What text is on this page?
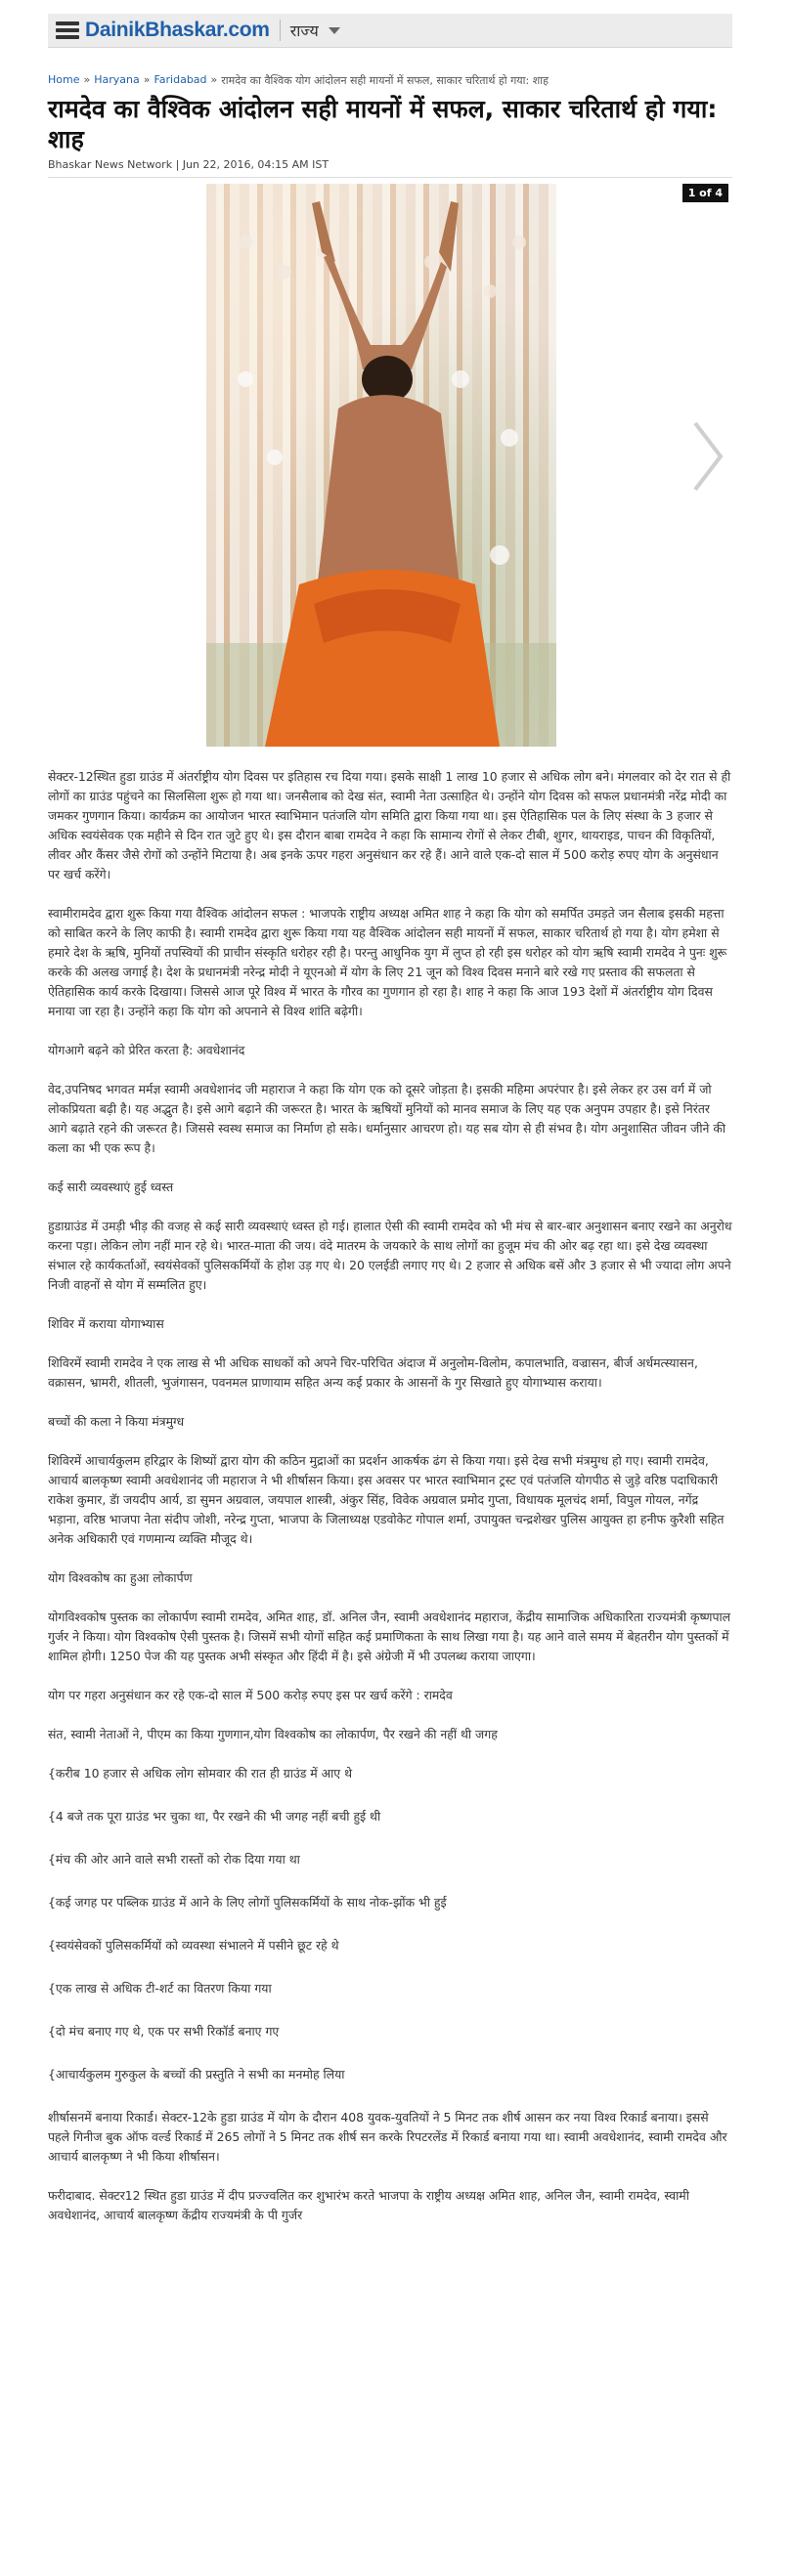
DainikBhaskar.com राज्य
Home » Haryana » Faridabad » रामदेव का वैश्विक योग आंदोलन सही मायनों में सफल, साकार चरितार्थ हो गया: शाह
रामदेव का वैश्विक आंदोलन सही मायनों में सफल, साकार चरितार्थ हो गया: शाह
Bhaskar News Network | Jun 22, 2016, 04:15 AM IST
1 of 4

सेक्टर-12स्थित हुडा ग्राउंड में अंतर्राष्ट्रीय योग दिवस पर इतिहास रच दिया गया। इसके साक्षी 1 लाख 10 हजार से अधिक लोग बने। मंगलवार को देर रात से ही लोगों का ग्राउंड पहुंचने का सिलसिला शुरू हो गया था। जनसैलाब को देख संत, स्वामी नेता उत्साहित थे। उन्होंने योग दिवस को सफल प्रधानमंत्री नरेंद्र मोदी का जमकर गुणगान किया। कार्यक्रम का आयोजन भारत स्वाभिमान पतंजलि योग समिति द्वारा किया गया था। इस ऐतिहासिक पल के लिए संस्था के 3 हजार से अधिक स्वयंसेवक एक महीने से दिन रात जुटे हुए थे। इस दौरान बाबा रामदेव ने कहा कि सामान्य रोगों से लेकर टीबी, शुगर, थायराइड, पाचन की विकृतियों, लीवर और कैंसर जैसे रोगों को उन्होंने मिटाया है। अब इनके ऊपर गहरा अनुसंधान कर रहे हैं। आने वाले एक-दो साल में 500 करोड़ रुपए योग के अनुसंधान पर खर्च करेंगे।

स्वामीरामदेव द्वारा शुरू किया गया वैश्विक आंदोलन सफल : भाजपके राष्ट्रीय अध्यक्ष अमित शाह ने कहा कि योग को समर्पित उमड़ते जन सैलाब इसकी महत्ता को साबित करने के लिए काफी है। स्वामी रामदेव द्वारा शुरू किया गया यह वैश्विक आंदोलन सही मायनों में सफल, साकार चरितार्थ हो गया है। योग हमेशा से हमारे देश के ऋषि, मुनियों तपस्वियों की प्राचीन संस्कृति धरोहर रही है। परन्तु आधुनिक युग में लुप्त हो रही इस धरोहर को योग ऋषि स्वामी रामदेव ने पुनः शुरू करके की अलख जगाई है। देश के प्रधानमंत्री नरेन्द्र मोदी ने यूएनओ में योग के लिए 21 जून को विश्व दिवस मनाने बारे रखे गए प्रस्ताव की सफलता से ऐतिहासिक कार्य करके दिखाया। जिससे आज पूरे विश्व में भारत के गौरव का गुणगान हो रहा है। शाह ने कहा कि आज 193 देशों में अंतर्राष्ट्रीय योग दिवस मनाया जा रहा है। उन्होंने कहा कि योग को अपनाने से विश्व शांति बढ़ेगी।

योगआगे बढ़ने को प्रेरित करता है: अवधेशानंद

वेद,उपनिषद भगवत मर्मज्ञ स्वामी अवधेशानंद जी महाराज ने कहा कि योग एक को दूसरे जोड़ता है। इसकी महिमा अपरंपार है। इसे लेकर हर उस वर्ग में जो लोकप्रियता बढ़ी है। यह अद्भुत है। इसे आगे बढ़ाने की जरूरत है। भारत के ऋषियों मुनियों को मानव समाज के लिए यह एक अनुपम उपहार है। इसे निरंतर आगे बढ़ाते रहने की जरूरत है। जिससे स्वस्थ समाज का निर्माण हो सके। धर्मानुसार आचरण हो। यह सब योग से ही संभव है। योग अनुशासित जीवन जीने की कला का भी एक रूप है।

कई सारी व्यवस्थाएं हुई ध्वस्त

हुडाग्राउंड में उमड़ी भीड़ की वजह से कई सारी व्यवस्थाएं ध्वस्त हो गई। हालात ऐसी की स्वामी रामदेव को भी मंच से बार-बार अनुशासन बनाए रखने का अनुरोध करना पड़ा। लेकिन लोग नहीं मान रहे थे। भारत-माता की जय। वंदे मातरम के जयकारे के साथ लोगों का हुजूम मंच की ओर बढ़ रहा था। इसे देख व्यवस्था संभाल रहे कार्यकर्ताओं, स्वयंसेवकों पुलिसकर्मियों के होश उड़ गए थे। 20 एलईडी लगाए गए थे। 2 हजार से अधिक बसें और 3 हजार से भी ज्यादा लोग अपने निजी वाहनों से योग में सम्मलित हुए।

शिविर में कराया योगाभ्यास

शिविरमें स्वामी रामदेव ने एक लाख से भी अधिक साधकों को अपने चिर-परिचित अंदाज में अनुलोम-विलोम, कपालभाति, वज्रासन, बीर्ज अर्धमत्स्यासन, वक्रासन, भ्रामरी, शीतली, भुजंगासन, पवनमल प्राणायाम सहित अन्य कई प्रकार के आसनों के गुर सिखाते हुए योगाभ्यास कराया।

बच्चों की कला ने किया मंत्रमुग्ध

शिविरमें आचार्यकुलम हरिद्वार के शिष्यों द्वारा योग की कठिन मुद्राओं का प्रदर्शन आकर्षक ढंग से किया गया। इसे देख सभी मंत्रमुग्ध हो गए। स्वामी रामदेव, आचार्य बालकृष्ण स्वामी अवधेशानंद जी महाराज ने भी शीर्षासन किया। इस अवसर पर भारत स्वाभिमान ट्रस्ट एवं पतंजलि योगपीठ से जुड़े वरिष्ठ पदाधिकारी राकेश कुमार, डॅा जयदीप आर्य, डा सुमन अग्रवाल, जयपाल शास्त्री, अंकुर सिंह, विवेक अग्रवाल प्रमोद गुप्ता, विधायक मूलचंद शर्मा, विपुल गोयल, नगेंद्र भड़ाना, वरिष्ठ भाजपा नेता संदीप जोशी, नरेन्द्र गुप्ता, भाजपा के जिलाध्यक्ष एडवोकेट गोपाल शर्मा, उपायुक्त चन्द्रशेखर पुलिस आयुक्त हा हनीफ कुरैशी सहित अनेक अधिकारी एवं गणमान्य व्यक्ति मौजूद थे।

योग विश्वकोष का हुआ लोकार्पण

योगविश्वकोष पुस्तक का लोकार्पण स्वामी रामदेव, अमित शाह, डॉ. अनिल जैन, स्वामी अवधेशानंद महाराज, केंद्रीय सामाजिक अधिकारिता राज्यमंत्री कृष्णपाल गुर्जर ने किया। योग विश्वकोष ऐसी पुस्तक है। जिसमें सभी योगों सहित कई प्रमाणिकता के साथ लिखा गया है। यह आने वाले समय में बेहतरीन योग पुस्तकों में शामिल होगी। 1250 पेज की यह पुस्तक अभी संस्कृत और हिंदी में है। इसे अंग्रेजी में भी उपलब्ध कराया जाएगा।

योग पर गहरा अनुसंधान कर रहे एक-दो साल में 500 करोड़ रुपए इस पर खर्च करेंगे : रामदेव

संत, स्वामी नेताओं ने, पीएम का किया गुणगान,योग विश्वकोष का लोकार्पण, पैर रखने की नहीं थी जगह

{करीब 10 हजार से अधिक लोग सोमवार की रात ही ग्राउंड में आए थे

{4 बजे तक पूरा ग्राउंड भर चुका था, पैर रखने की भी जगह नहीं बची हुई थी

{मंच की ओर आने वाले सभी रास्तों को रोक दिया गया था

{कई जगह पर पब्लिक ग्राउंड में आने के लिए लोगों पुलिसकर्मियों के साथ नोक-झोंक भी हुई

{स्वयंसेवकों पुलिसकर्मियों को व्यवस्था संभालने में पसीने छूट रहे थे

{एक लाख से अधिक टी-शर्ट का वितरण किया गया

{दो मंच बनाए गए थे, एक पर सभी रिकॉर्ड बनाए गए

{आचार्यकुलम गुरुकुल के बच्चों की प्रस्तुति ने सभी का मनमोह लिया

शीर्षासनमें बनाया रिकार्ड। सेक्टर-12के हुडा ग्राउंड में योग के दौरान 408 युवक-युवतियों ने 5 मिनट तक शीर्ष आसन कर नया विश्व रिकार्ड बनाया। इससे पहले गिनीज बुक ऑफ वर्ल्ड रिकार्ड में 265 लोगों ने 5 मिनट तक शीर्ष सन करके रिपटरलेंड में रिकार्ड बनाया गया था। स्वामी अवधेशानंद, स्वामी रामदेव और आचार्य बालकृष्ण ने भी किया शीर्षासन।

फरीदाबाद. सेक्टर12 स्थित हुडा ग्राउंड में दीप प्रज्ज्वलित कर शुभारंभ करते भाजपा के राष्ट्रीय अध्यक्ष अमित शाह, अनिल जैन, स्वामी रामदेव, स्वामी अवधेशानंद, आचार्य बालकृष्ण केंद्रीय राज्यमंत्री के पी गुर्जर
